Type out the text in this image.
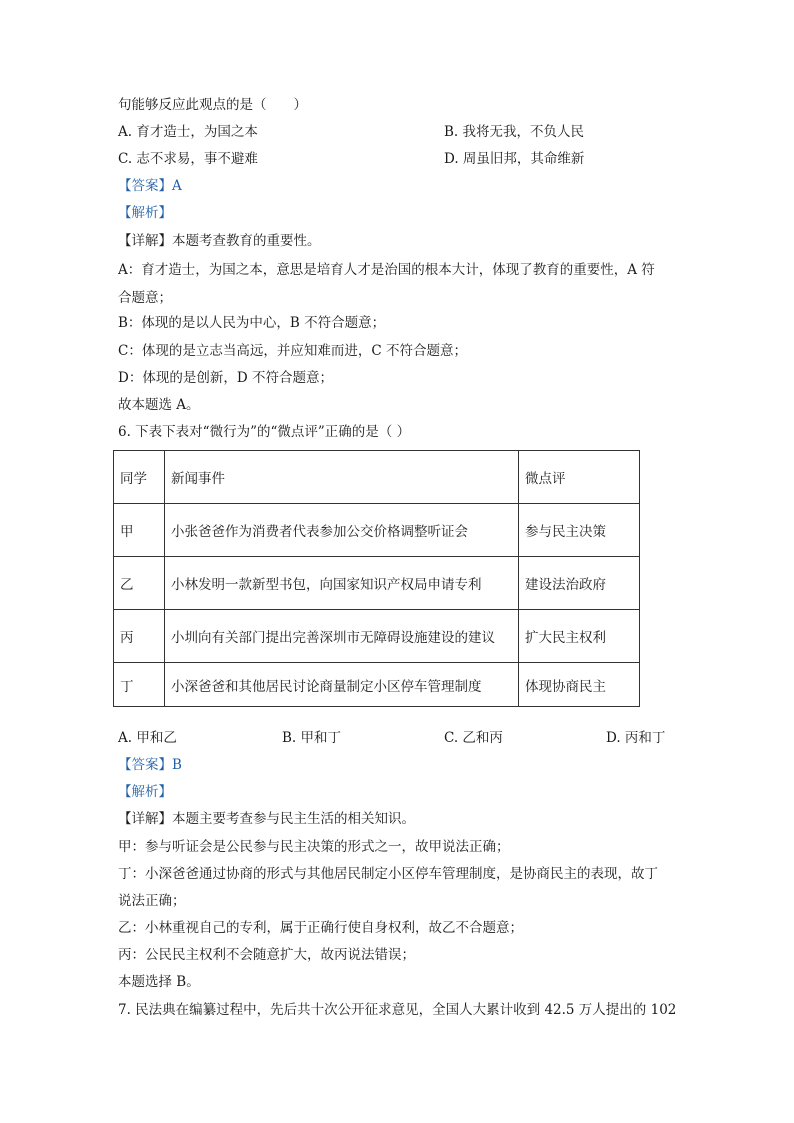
句能够反应此观点的是（　　）
A. 育才造士，为国之本	B. 我将无我，不负人民
C. 志不求易，事不避难	D. 周虽旧邦，其命维新
【答案】A
【解析】
【详解】本题考查教育的重要性。
A：育才造士，为国之本，意思是培育人才是治国的根本大计，体现了教育的重要性，A 符
合题意；
B：体现的是以人民为中心，B 不符合题意；
C：体现的是立志当高远，并应知难而进，C 不符合题意；
D：体现的是创新，D 不符合题意；
故本题选 A。
6. 下表下表对“微行为”的“微点评”正确的是（ ）
同学	新闻事件	微点评
甲	小张爸爸作为消费者代表参加公交价格调整听证会	参与民主决策
乙	小林发明一款新型书包，向国家知识产权局申请专利	建设法治政府
丙	小圳向有关部门提出完善深圳市无障碍设施建设的建议	扩大民主权利
丁	小深爸爸和其他居民讨论商量制定小区停车管理制度	体现协商民主
A. 甲和乙	B. 甲和丁	C. 乙和丙	D. 丙和丁
【答案】B
【解析】
【详解】本题主要考查参与民主生活的相关知识。
甲：参与听证会是公民参与民主决策的形式之一，故甲说法正确；
丁：小深爸爸通过协商的形式与其他居民制定小区停车管理制度，是协商民主的表现，故丁
说法正确；
乙：小林重视自己的专利，属于正确行使自身权利，故乙不合题意；
丙：公民民主权利不会随意扩大，故丙说法错误；
本题选择 B。
7. 民法典在编纂过程中，先后共十次公开征求意见，全国人大累计收到 42.5 万人提出的 102
